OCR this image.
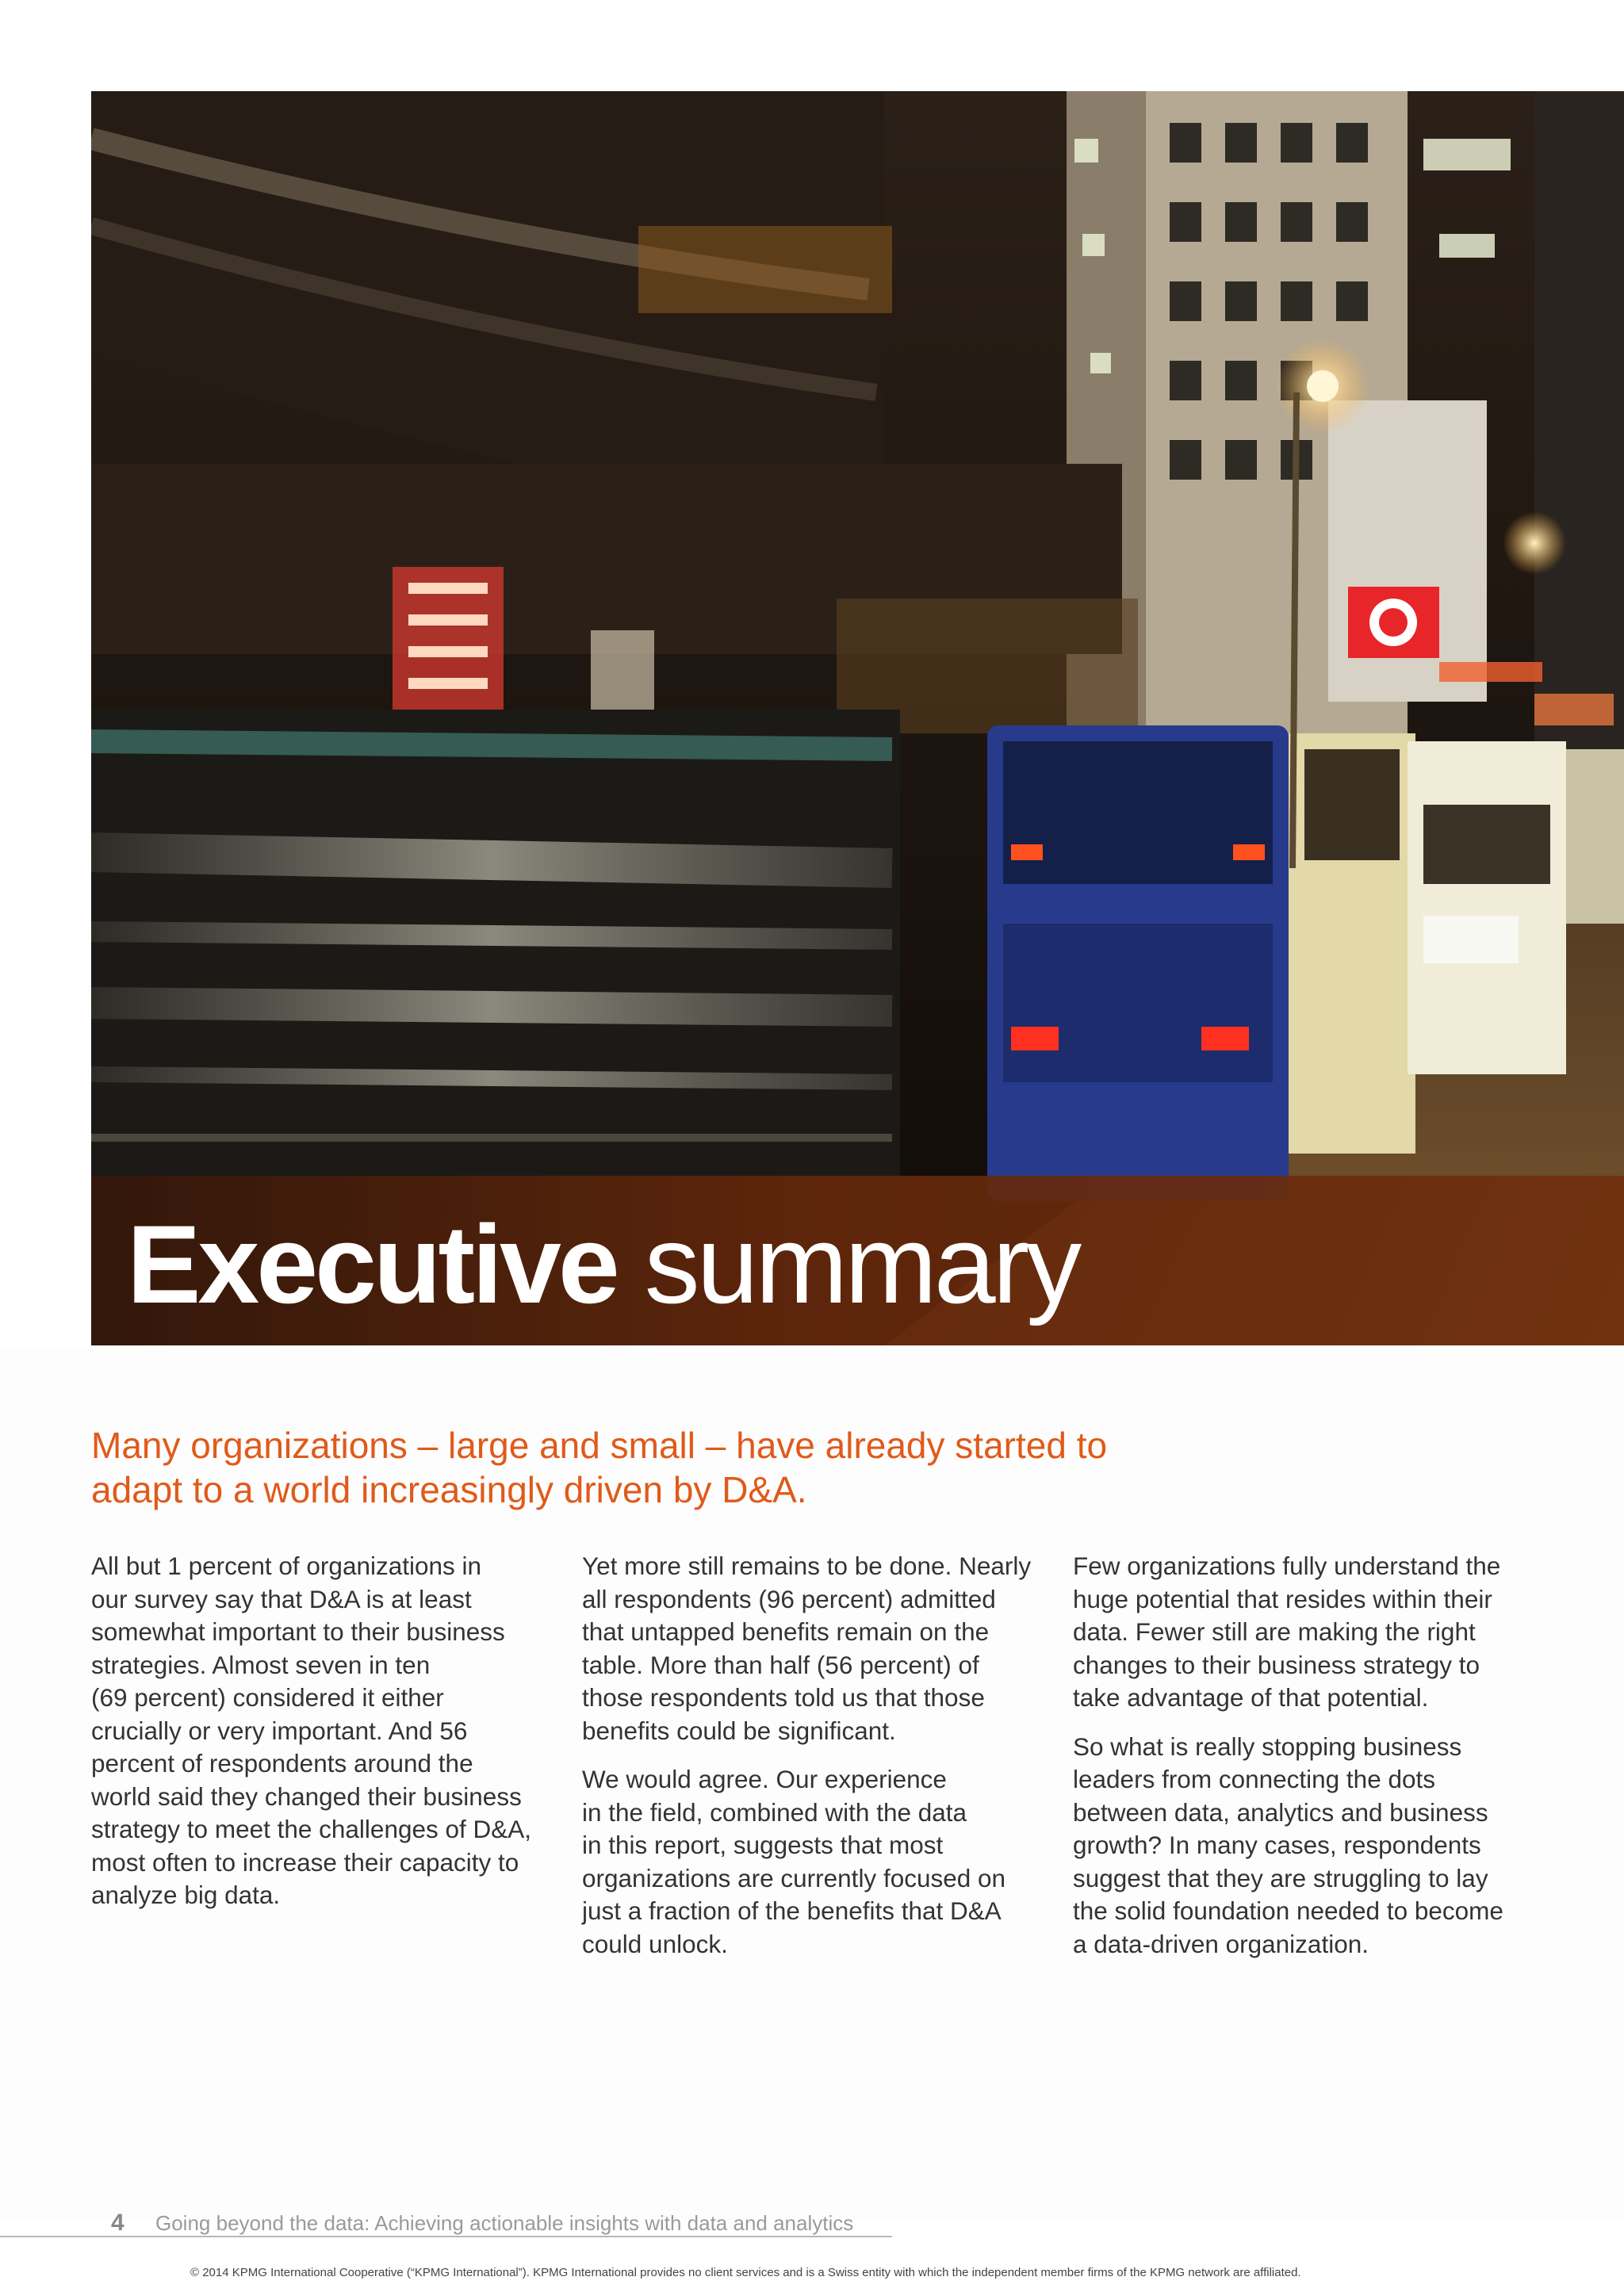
Executive summary
Many organizations – large and small – have already started to
adapt to a world increasingly driven by D&A.

All but 1 percent of organizations in
our survey say that D&A is at least
somewhat important to their business
strategies. Almost seven in ten
(69 percent) considered it either
crucially or very important. And 56
percent of respondents around the
world said they changed their business
strategy to meet the challenges of D&A,
most often to increase their capacity to
analyze big data.

Yet more still remains to be done. Nearly
all respondents (96 percent) admitted
that untapped benefits remain on the
table. More than half (56 percent) of
those respondents told us that those
benefits could be significant.

We would agree. Our experience
in the field, combined with the data
in this report, suggests that most
organizations are currently focused on
just a fraction of the benefits that D&A
could unlock.

Few organizations fully understand the
huge potential that resides within their
data. Fewer still are making the right
changes to their business strategy to
take advantage of that potential.

So what is really stopping business
leaders from connecting the dots
between data, analytics and business
growth? In many cases, respondents
suggest that they are struggling to lay
the solid foundation needed to become
a data-driven organization.

4 Going beyond the data: Achieving actionable insights with data and analytics
© 2014 KPMG International Cooperative (“KPMG International”). KPMG International provides no client services and is a Swiss entity with which the independent member firms of the KPMG network are affiliated.
